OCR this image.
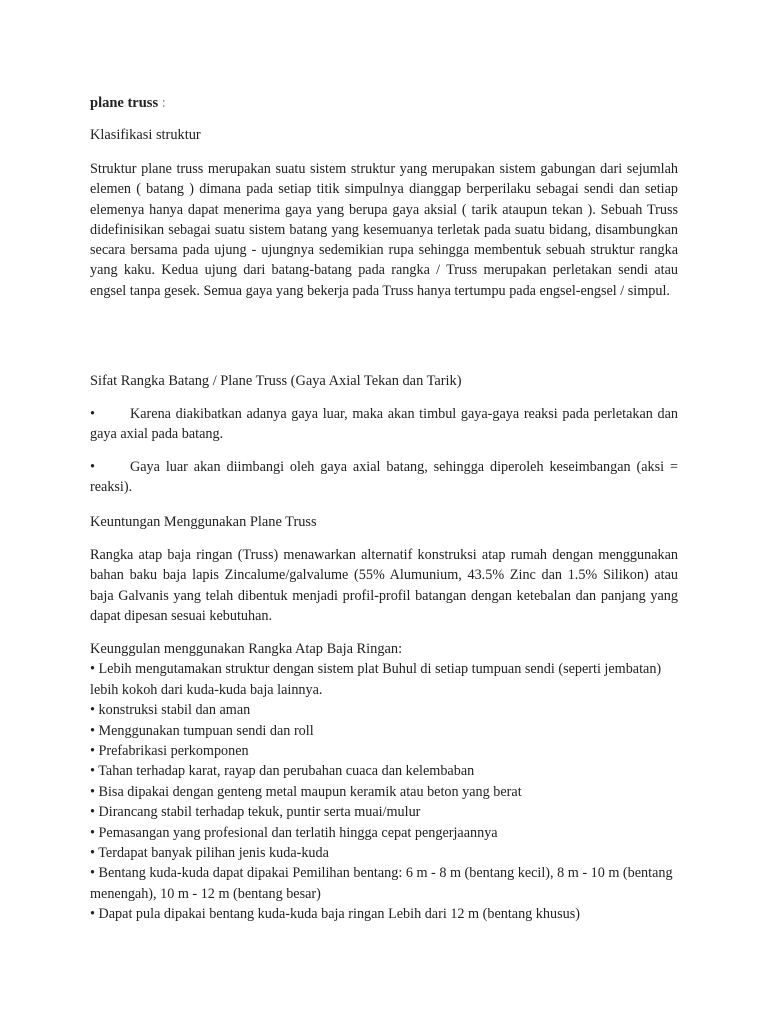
plane truss :

Klasifikasi struktur

Struktur plane truss merupakan suatu sistem struktur yang merupakan sistem gabungan dari sejumlah elemen ( batang ) dimana pada setiap titik simpulnya dianggap berperilaku sebagai sendi dan setiap elemenya hanya dapat menerima gaya yang berupa gaya aksial ( tarik ataupun tekan ). Sebuah Truss didefinisikan sebagai suatu sistem batang yang kesemuanya terletak pada suatu bidang, disambungkan secara bersama pada ujung - ujungnya sedemikian rupa sehingga membentuk sebuah struktur rangka yang kaku. Kedua ujung dari batang-batang pada rangka / Truss merupakan perletakan sendi atau engsel tanpa gesek. Semua gaya yang bekerja pada Truss hanya tertumpu pada engsel-engsel / simpul.

Sifat Rangka Batang / Plane Truss (Gaya Axial Tekan dan Tarik)

• Karena diakibatkan adanya gaya luar, maka akan timbul gaya-gaya reaksi pada perletakan dan gaya axial pada batang.

• Gaya luar akan diimbangi oleh gaya axial batang, sehingga diperoleh keseimbangan (aksi = reaksi).

Keuntungan Menggunakan Plane Truss

Rangka atap baja ringan (Truss) menawarkan alternatif konstruksi atap rumah dengan menggunakan bahan baku baja lapis Zincalume/galvalume (55% Alumunium, 43.5% Zinc dan 1.5% Silikon) atau baja Galvanis yang telah dibentuk menjadi profil-profil batangan dengan ketebalan dan panjang yang dapat dipesan sesuai kebutuhan.

Keunggulan menggunakan Rangka Atap Baja Ringan:

• Lebih mengutamakan struktur dengan sistem plat Buhul di setiap tumpuan sendi (seperti jembatan) lebih kokoh dari kuda-kuda baja lainnya.
• konstruksi stabil dan aman
• Menggunakan tumpuan sendi dan roll
• Prefabrikasi perkomponen
• Tahan terhadap karat, rayap dan perubahan cuaca dan kelembaban
• Bisa dipakai dengan genteng metal maupun keramik atau beton yang berat
• Dirancang stabil terhadap tekuk, puntir serta muai/mulur
• Pemasangan yang profesional dan terlatih hingga cepat pengerjaannya
• Terdapat banyak pilihan jenis kuda-kuda
• Bentang kuda-kuda dapat dipakai Pemilihan bentang: 6 m - 8 m (bentang kecil), 8 m - 10 m (bentang menengah), 10 m - 12 m (bentang besar)
• Dapat pula dipakai bentang kuda-kuda baja ringan Lebih dari 12 m (bentang khusus)
